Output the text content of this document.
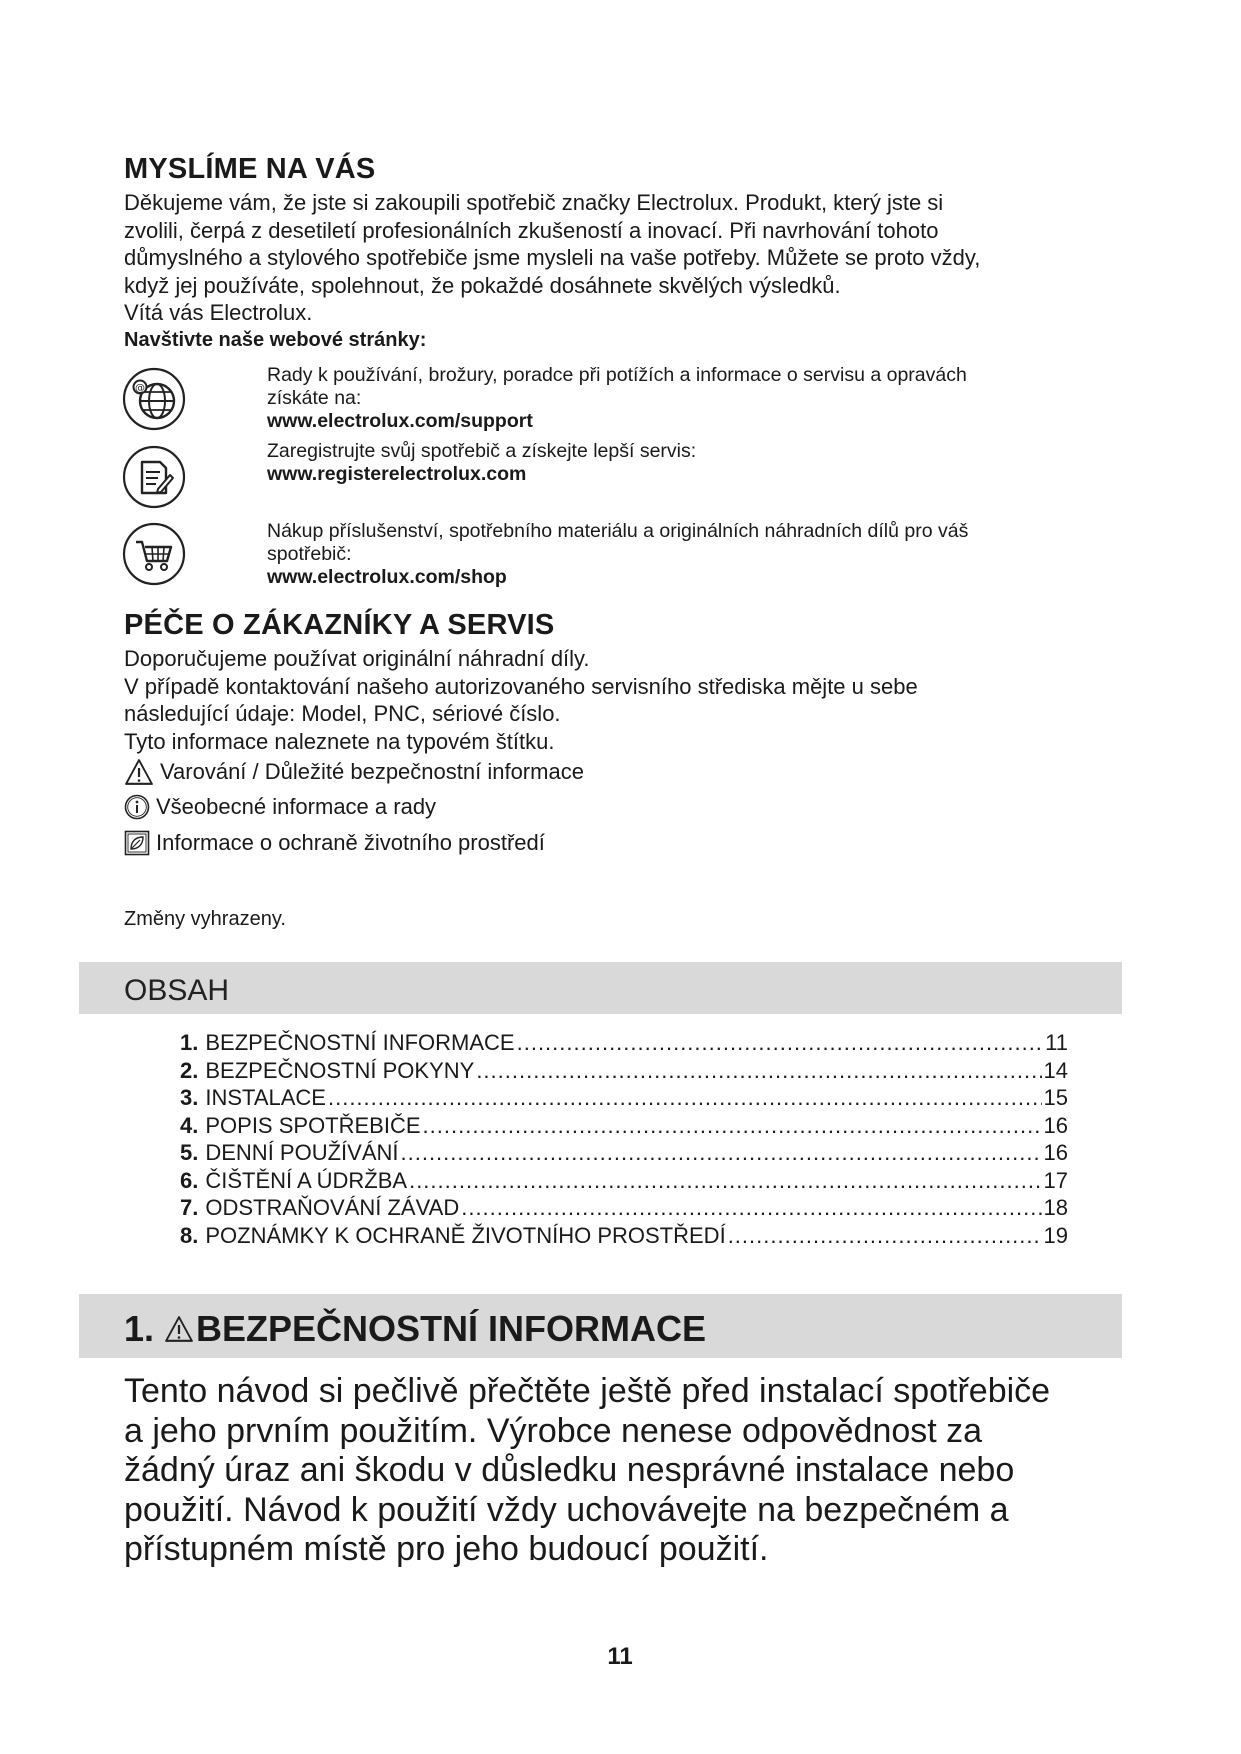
MYSLÍME NA VÁS
Děkujeme vám, že jste si zakoupili spotřebič značky Electrolux. Produkt, který jste si
zvolili, čerpá z desetiletí profesionálních zkušeností a inovací. Při navrhování tohoto
důmyslného a stylového spotřebiče jsme mysleli na vaše potřeby. Můžete se proto vždy,
když jej používáte, spolehnout, že pokaždé dosáhnete skvělých výsledků.
Vítá vás Electrolux.
Navštivte naše webové stránky:
@
Rady k používání, brožury, poradce při potížích a informace o servisu a opravách
získáte na:
www.electrolux.com/support
Zaregistrujte svůj spotřebič a získejte lepší servis:
www.registerelectrolux.com
Nákup příslušenství, spotřebního materiálu a originálních náhradních dílů pro váš
spotřebič:
www.electrolux.com/shop
PÉČE O ZÁKAZNÍKY A SERVIS
Doporučujeme používat originální náhradní díly.
V případě kontaktování našeho autorizovaného servisního střediska mějte u sebe
následující údaje: Model, PNC, sériové číslo.
Tyto informace naleznete na typovém štítku.
Varování / Důležité bezpečnostní informace
Všeobecné informace a rady
Informace o ochraně životního prostředí
Změny vyhrazeny.
OBSAH
1. BEZPEČNOSTNÍ INFORMACE .....	11
2. BEZPEČNOSTNÍ POKYNY .....	14
3. INSTALACE .....	15
4. POPIS SPOTŘEBIČE .....	16
5. DENNÍ POUŽÍVÁNÍ .....	16
6. ČIŠTĚNÍ A ÚDRŽBA .....	17
7. ODSTRAŇOVÁNÍ ZÁVAD .....	18
8. POZNÁMKY K OCHRANĚ ŽIVOTNÍHO PROSTŘEDÍ .....	19
1. BEZPEČNOSTNÍ INFORMACE
Tento návod si pečlivě přečtěte ještě před instalací spotřebiče
a jeho prvním použitím. Výrobce nenese odpovědnost za
žádný úraz ani škodu v důsledku nesprávné instalace nebo
použití. Návod k použití vždy uchovávejte na bezpečném a
přístupném místě pro jeho budoucí použití.
11
